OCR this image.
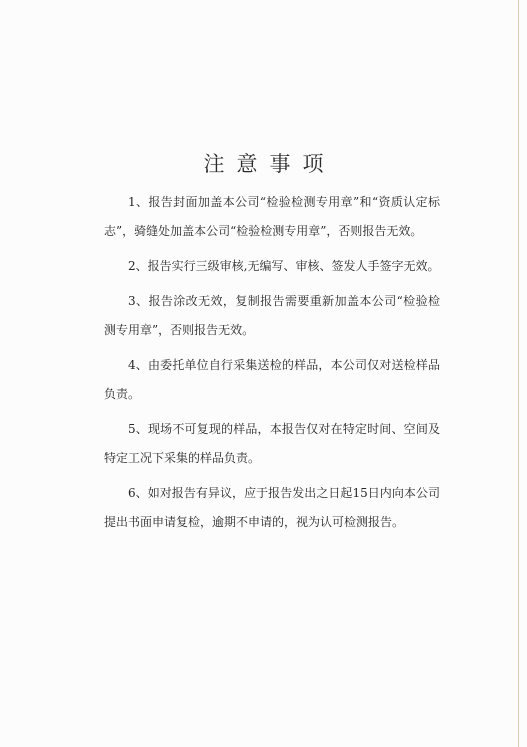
注意事项

1、报告封面加盖本公司“检验检测专用章”和“资质认定标志”，骑缝处加盖本公司“检验检测专用章”，否则报告无效。

2、报告实行三级审核,无编写、审核、签发人手签字无效。

3、报告涂改无效，复制报告需要重新加盖本公司“检验检测专用章”，否则报告无效。

4、由委托单位自行采集送检的样品，本公司仅对送检样品负责。

5、现场不可复现的样品，本报告仅对在特定时间、空间及特定工况下采集的样品负责。

6、如对报告有异议，应于报告发出之日起15日内向本公司提出书面申请复检，逾期不申请的，视为认可检测报告。
